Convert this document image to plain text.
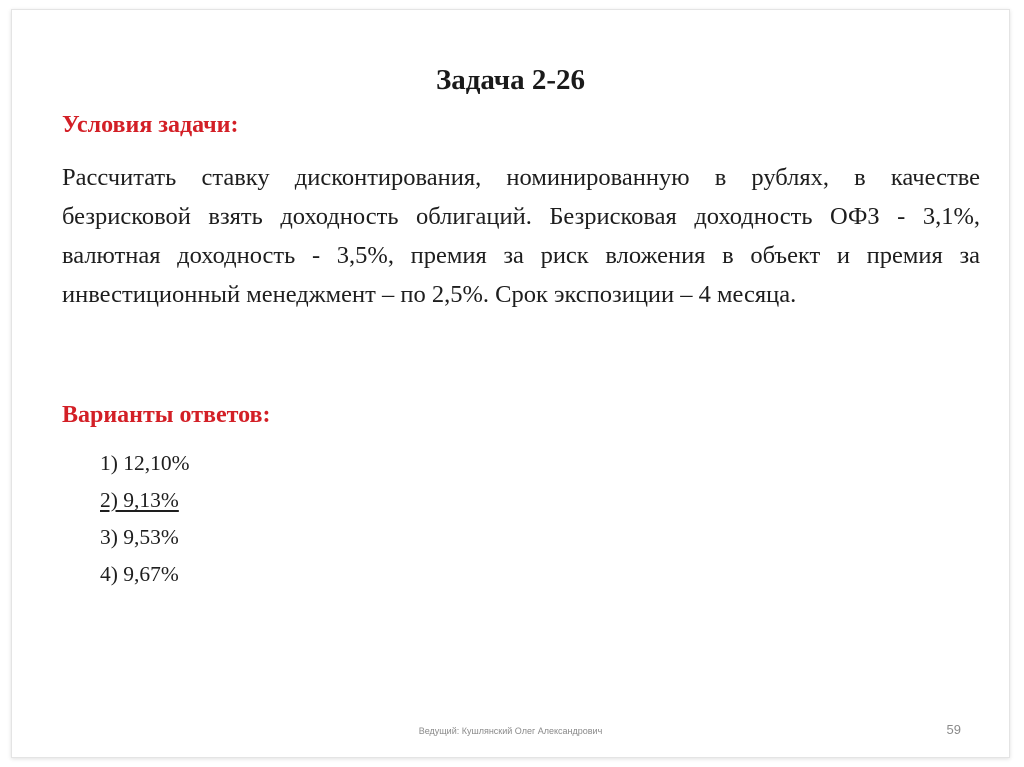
Задача 2-26
Условия задачи:

Рассчитать ставку дисконтирования, номинированную в рублях, в качестве безрисковой взять доходность облигаций. Безрисковая доходность ОФЗ - 3,1%, валютная доходность - 3,5%, премия за риск вложения в объект и премия за инвестиционный менеджмент – по 2,5%. Срок экспозиции – 4 месяца.

Варианты ответов:
1) 12,10%
2) 9,13%
3) 9,53%
4) 9,67%
Ведущий: Кушлянский Олег Александрович	59
